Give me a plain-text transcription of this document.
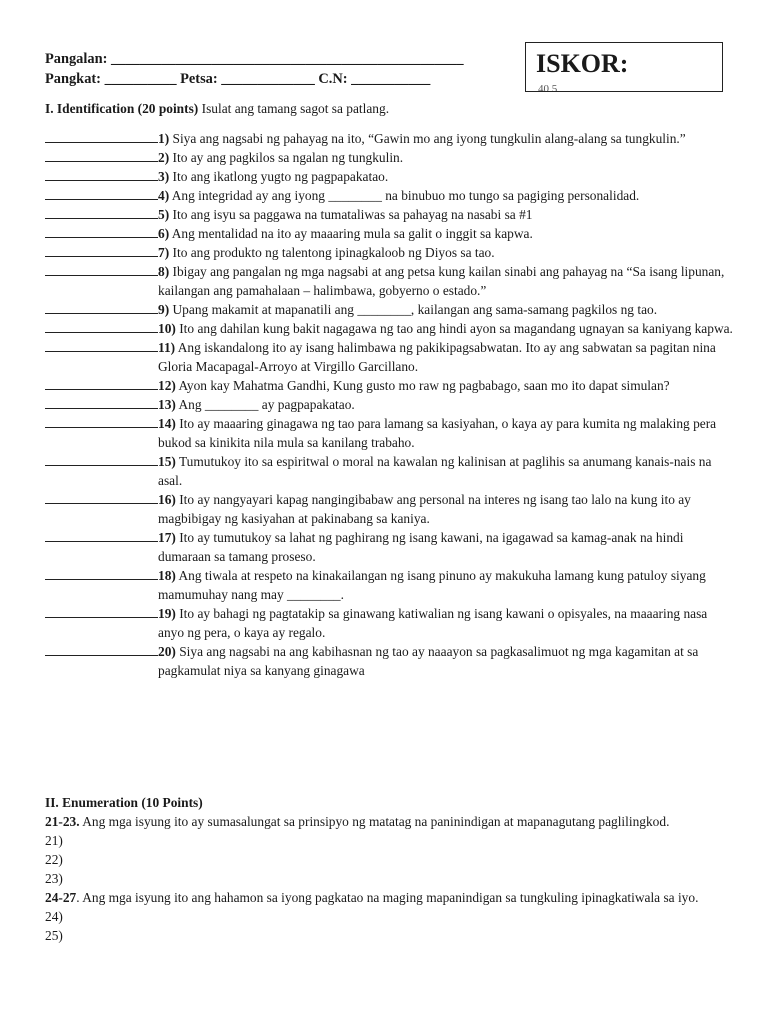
Pangalan: _________________________________________________
Pangkat: __________ Petsa: _____________ C.N: ___________
ISKOR:
40 5
I. Identification (20 points) Isulat ang tamang sagot sa patlang.
1) Siya ang nagsabi ng pahayag na ito, “Gawin mo ang iyong tungkulin alang-alang sa tungkulin.”
2) Ito ay ang pagkilos sa ngalan ng tungkulin.
3) Ito ang ikatlong yugto ng pagpapakatao.
4) Ang integridad ay ang iyong ________ na binubuo mo tungo sa pagiging personalidad.
5) Ito ang isyu sa paggawa na tumataliwas sa pahayag na nasabi sa #1
6) Ang mentalidad na ito ay maaaring mula sa galit o inggit sa kapwa.
7) Ito ang produkto ng talentong ipinagkaloob ng Diyos sa tao.
8) Ibigay ang pangalan ng mga nagsabi at ang petsa kung kailan sinabi ang pahayag na “Sa isang lipunan, kailangan ang pamahalaan – halimbawa, gobyerno o estado.”
9) Upang makamit at mapanatili ang ________, kailangan ang sama-samang pagkilos ng tao.
10) Ito ang dahilan kung bakit nagagawa ng tao ang hindi ayon sa magandang ugnayan sa kaniyang kapwa.
11) Ang iskandalong ito ay isang halimbawa ng pakikipagsabwatan. Ito ay ang sabwatan sa pagitan nina Gloria Macapagal-Arroyo at Virgillo Garcillano.
12) Ayon kay Mahatma Gandhi, Kung gusto mo raw ng pagbabago, saan mo ito dapat simulan?
13) Ang ________ ay pagpapakatao.
14) Ito ay maaaring ginagawa ng tao para lamang sa kasiyahan, o kaya ay para kumita ng malaking pera bukod sa kinikita nila mula sa kanilang trabaho.
15) Tumutukoy ito sa espiritwal o moral na kawalan ng kalinisan at paglihis sa anumang kanais-nais na asal.
16) Ito ay nangyayari kapag nangingibabaw ang personal na interes ng isang tao lalo na kung ito ay magbibigay ng kasiyahan at pakinabang sa kaniya.
17) Ito ay tumutukoy sa lahat ng paghirang ng isang kawani, na igagawad sa kamag-anak na hindi dumaraan sa tamang proseso.
18) Ang tiwala at respeto na kinakailangan ng isang pinuno ay makukuha lamang kung patuloy siyang mamumuhay nang may ________.
19) Ito ay bahagi ng pagtatakip sa ginawang katiwalian ng isang kawani o opisyales, na maaaring nasa anyo ng pera, o kaya ay regalo.
20) Siya ang nagsabi na ang kabihasnan ng tao ay naaayon sa pagkasalimuot ng mga kagamitan at sa pagkamulat niya sa kanyang ginagawa
II. Enumeration (10 Points)
21-23. Ang mga isyung ito ay sumasalungat sa prinsipyo ng matatag na paninindigan at mapanagutang paglilingkod.
21)
22)
23)
24-27. Ang mga isyung ito ang hahamon sa iyong pagkatao na maging mapanindigan sa tungkuling ipinagkatiwala sa iyo.
24)
25)
